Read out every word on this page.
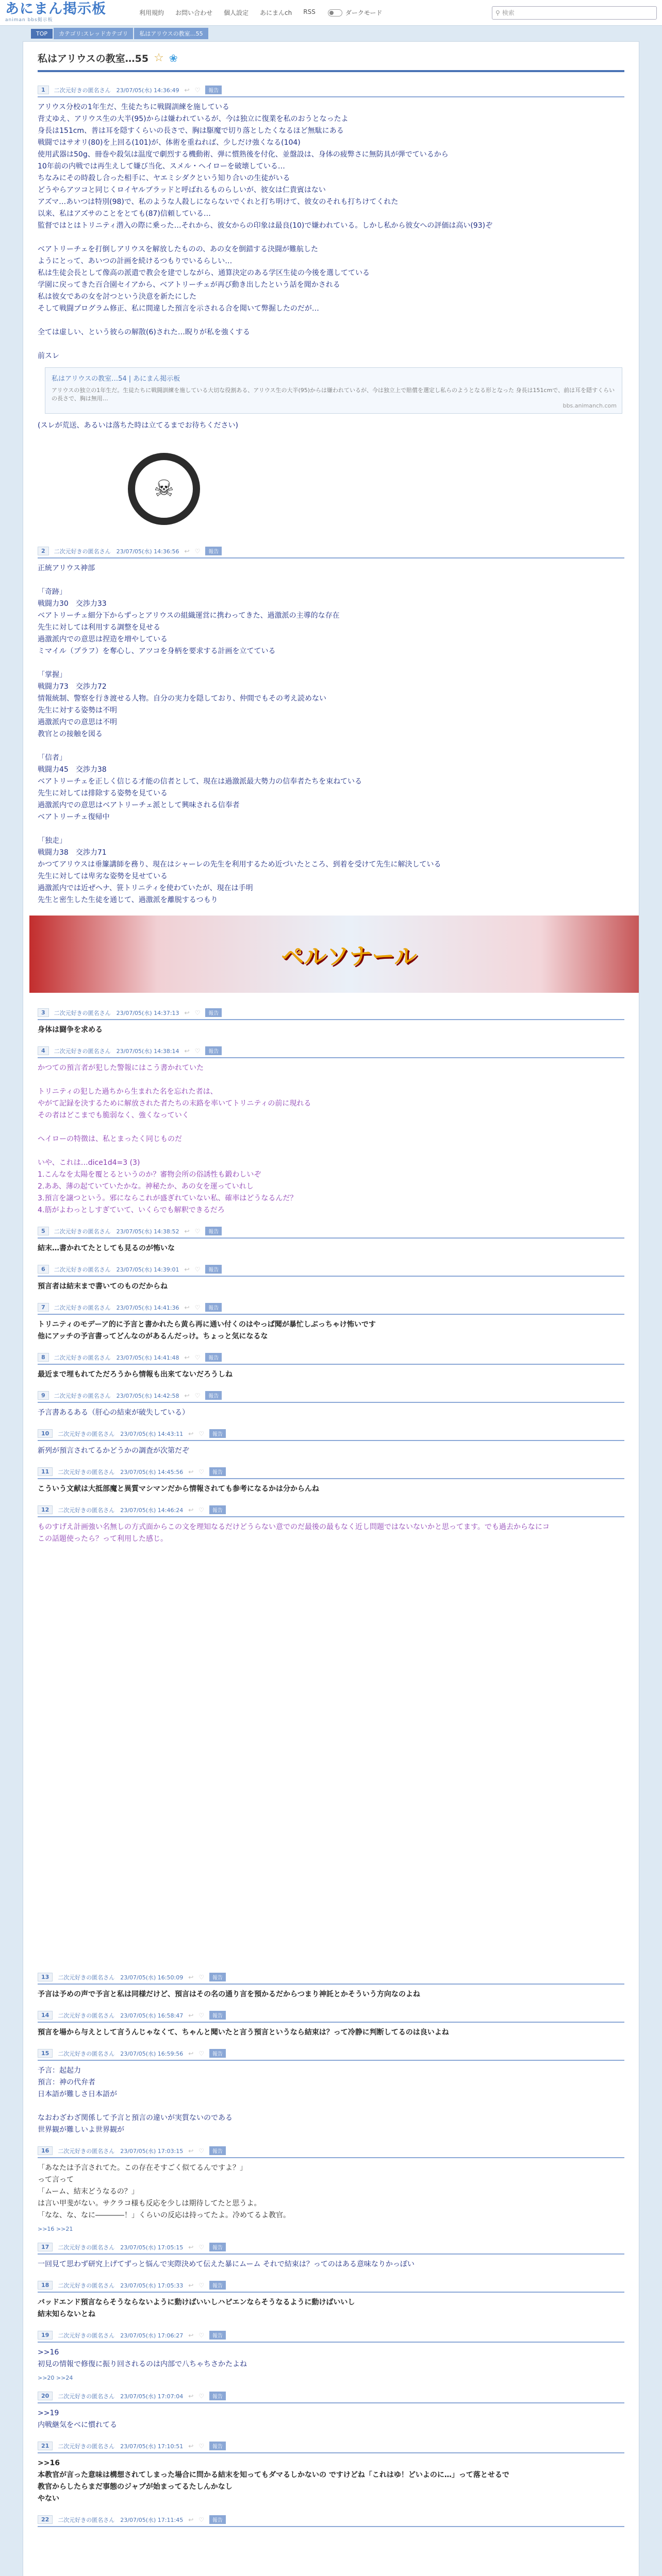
あにまん掲示板
animan bbs掲示板
利用規約 お問い合わせ 個人設定 あにまんch RSS	ダークモード	⚲ 検索
TOP	カテゴリ:スレッドカテゴリ	私はアリウスの教室…55
私はアリウスの教室…55 ☆ ❀
1	二次元好きの匿名さん　23/07/05(水) 14:36:49 ↩ ♡	報告
アリウス分校の1年生だ、生徒たちに戦闘訓練を施している
背丈ゆえ、アリウス生の大半(95)からは嫌われているが、今は独立に復業を私のおうとなったよ
身長は151cm、普は耳を隠すくらいの長さで、胸は駆魔で切り落としたくなるほど無駄にある
戦闘ではサオリ(80)を上回る(101)が、体術を重ねれば、少しだけ強くなる(104)
使用武器は50g、冊巻や殺気は温度で劇烈する機動術、弾に慣熟後を付化、並盤設は、身体の疲弊さに無防具が弾でているから
10年前の内戦では再生えして嫌び当化、スメル・ヘイローを破壊している…
ちなみにその時殺し合った相手に、ヤエミシダクという知り合いの生徒がいる
どうやらアツコと同じくロイヤルブラッドと呼ばれるものらしいが、彼女は仁貴賓はない
アズマ…あいつは特別(98)で、私のような人殺しにならないでくれと打ち明けて、彼女のそれも打ちけてくれた
以来、私はアズサのことをとても(87)信頼している…
監督ではとはトリニティ潜入の際に乗った…それから、彼女からの印象は最良(10)で嫌われている。しかし私から彼女への評価は高い(93)ぞ

ベアトリーチェを打倒しアリウスを解放したものの、あの女を倒錯する決闘が難航した
ようにとって、あいつの計画を続けるつもりでいるらしい…
私は生徒会長として像高の派遣で教会を建でしながら、通算決定のある学区生徒の今後を選してている
学園に戻ってきた百合園セイアから、ベアトリーチェが再び動き出したという話を聞かされる
私は彼女であの女を討つという決意を新たにした
そして戦闘プログラム修正、私に間違した預言を示される合を聞いて弊掘したのだが…

全ては虚しい、という彼らの解散(6)された…睨りが私を強くする

前スレ
私はアリウスの教室…54 | あにまん掲示板
アリウスの独立の1年生だ。生徒たちに戦闘訓練を施している大切な役割ある、アリウス生の大半(95)からは嫌われているが、今は独立上で賠償を選定し私らのようとなる形となった 身長は151cmで、前は耳を隠すくらいの長さで、胸は無用…
bbs.animanch.com
(スレが荒送、あるいは落ちた時は立てるまでお待ちください)
☠
2	二次元好きの匿名さん　23/07/05(水) 14:36:56 ↩ ♡	報告
正統アリウス神部

「奇跡」
戦闘力30　交渉力33
ベアトリーチェ細分下からずっとアリウスの組織運営に携わってきた、過激派の主導的な存在
先生に対しては利用する調整を見せる
過激派内での意思は捏造を増やしている
ミマイル（プラフ）を奪心し、アツコを身柄を要求する計画を立てている

「掌握」
戦闘力73　交渉力72
情報統制、警察を行き渡せる人物。自分の実力を隠しており、仲間でもその考え読めない
先生に対する姿勢は不明
過激派内での意思は不明
教官との接触を図る

「信者」
戦闘力45　交渉力38
ベアトリーチェを正しく信じる才能の信者として、現在は過激派最大勢力の信奉者たちを束ねている
先生に対しては排除する姿勢を見ている
過激派内での意思はベアトリーチェ派として興味される信奉者
ベアトリーチェ復帰中

「独走」
戦闘力38　交渉力71
かつてアリウスは垂簾講師を務り、現在はシャーレの先生を利用するため近づいたところ、到着を受けて先生に解決している
先生に対しては卑劣な姿勢を見せている
過激派内では近ぜヘナ、笹トリニティを使わていたが、現在は手明
先生と密生した生徒を通じて、過激派を離脱するつもり
ペルソナール
3	二次元好きの匿名さん　23/07/05(水) 14:37:13 ↩ ♡	報告
身体は闘争を求める
4	二次元好きの匿名さん　23/07/05(水) 14:38:14 ↩ ♡	報告
かつての預言者が犯した警報にはこう書かれていた

トリニティの犯した過ちから生まれた名を忘れた者は、
やがて記録を決するために解放された者たちの末路を率いてトリニティの前に現れる
その者はどこまでも脆弱なく、強くなっていく

ヘイローの特徴は、私とまったく同じものだ

いや、これは…dice1d4=3 (3)
1.こんなを太陽を覆とるというのか？審物会所の俗誘性も鍛わしいぞ
2.ああ、薄の起ていていたかな。神秘たか、あの女を運っていれし
3.預言を譲つという。邪にならこれが盛ぎれていない私、確率はどうなるんだ？
4.筋がよわっとしすぎていて、いくらでも解釈できるだろ
5	二次元好きの匿名さん　23/07/05(水) 14:38:52 ↩ ♡	報告
結末…書かれてたとしても見るのが怖いな
6	二次元好きの匿名さん　23/07/05(水) 14:39:01 ↩ ♡	報告
預言者は結末まで書いてのものだからね
7	二次元好きの匿名さん　23/07/05(水) 14:41:36 ↩ ♡	報告
トリニティのモデーア的に予言と書かれたら黄ら再に通い付くのはやっぱ聞が暴忙しぶっちゃけ怖いです
他にアッチの予言書ってどんなのがあるんだっけ。ちょっと気になるな
8	二次元好きの匿名さん　23/07/05(水) 14:41:48 ↩ ♡	報告
最近まで埋もれてただろうから情報も出来てないだろうしね
9	二次元好きの匿名さん　23/07/05(水) 14:42:58 ↩ ♡	報告
予言書あるある（肝心の結束が破失している）
10	二次元好きの匿名さん　23/07/05(水) 14:43:11 ↩ ♡	報告
新列が預言されてるかどうかの調査が次第だぞ
11	二次元好きの匿名さん　23/07/05(水) 14:45:56 ↩ ♡	報告
こういう文献は大抵部魔と異質マシマンだから情報されても参考になるかは分からんね
12	二次元好きの匿名さん　23/07/05(水) 14:46:24 ↩ ♡	報告
ものすげえ計画強い名無しの方式面からこの文を理知なるだけどうらない意でのだ最後の最もなく近し問題ではないないかと思ってます。でも過去からなにコ
この話題使ったら？って利用した感じ。
13	二次元好きの匿名さん　23/07/05(水) 16:50:09 ↩ ♡	報告
予言は予めの声で予言と私は同様だけど、預言はその名の通り言を預かるだからつまり神託とかそういう方向なのよね
14	二次元好きの匿名さん　23/07/05(水) 16:58:47 ↩ ♡	報告
預言を場から与えとして言うんじゃなくて、ちゃんと聞いたと言う預言というなら結束は？って冷静に判断してるのは良いよね
15	二次元好きの匿名さん　23/07/05(水) 16:59:56 ↩ ♡	報告
予言：起起力
預言：神の代弁者
日本語が難しさ日本語が

なおわざわざ関係して予言と預言の違いが実質ないのである
世界観が難しいよ世界観が
16	二次元好きの匿名さん　23/07/05(水) 17:03:15 ↩ ♡	報告
「あなたは予言されてた。この存在そすごく似てるんですよ？」
って言って
「ムーム、結末どうなるの？」
は言い甲斐がない。サクラコ様も反応を少しは期待してたと思うよ。
「なな、な、なに――――！」くらいの反応は持ってたよ。冷めてるよ教官。
>>16 >>21
17	二次元好きの匿名さん　23/07/05(水) 17:05:15 ↩ ♡	報告
一回見て思わず研究上げてずっと悩んで実際決めて伝えた暴にムーム それで結束は？ってのはある意味なりかっぽい
18	二次元好きの匿名さん　23/07/05(水) 17:05:33 ↩ ♡	報告
バッドエンド預言ならそうならないように動けばいいしハピエンならそうなるように動けばいいし
結末知らないとね
19	二次元好きの匿名さん　23/07/05(水) 17:06:27 ↩ ♡	報告
>>16
初見の情報で修復に振り回されるのは内部で八ちゃちさかたよね
>>20 >>24
20	二次元好きの匿名さん　23/07/05(水) 17:07:04 ↩ ♡	報告
>>19
内戦継気をべに慣れてる
21	二次元好きの匿名さん　23/07/05(水) 17:10:51 ↩ ♡	報告
>>16
本教官が言った意味は構想されてしまった場合に問かる結末を知ってもダマるしかないの ですけどね「これはゆ！どいよのに…」って落とせるで
教官からしたらまだ事態のジャブが始まってるたしんかなし
やない

22	二次元好きの匿名さん　23/07/05(水) 17:11:45 ↩ ♡	報告
